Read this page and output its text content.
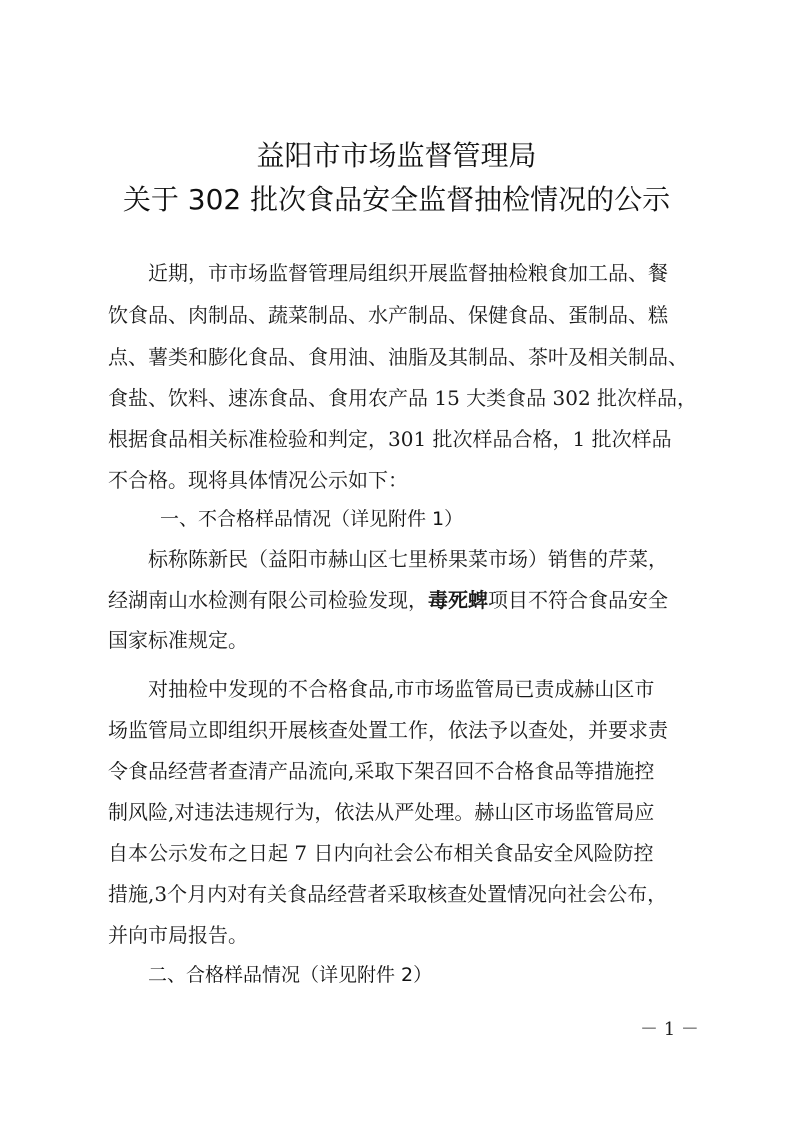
益阳市市场监督管理局
关于 302 批次食品安全监督抽检情况的公示
近期，市市场监督管理局组织开展监督抽检粮食加工品、餐
饮食品、肉制品、蔬菜制品、水产制品、保健食品、蛋制品、糕
点、薯类和膨化食品、食用油、油脂及其制品、茶叶及相关制品、
食盐、饮料、速冻食品、食用农产品 15 大类食品 302 批次样品，
根据食品相关标准检验和判定，301 批次样品合格，1 批次样品
不合格。现将具体情况公示如下：
一、不合格样品情况（详见附件 1）
标称陈新民（益阳市赫山区七里桥果菜市场）销售的芹菜，
经湖南山水检测有限公司检验发现，毒死蜱项目不符合食品安全
国家标准规定。
对抽检中发现的不合格食品,市市场监管局已责成赫山区市
场监管局立即组织开展核查处置工作，依法予以查处，并要求责
令食品经营者查清产品流向,采取下架召回不合格食品等措施控
制风险,对违法违规行为，依法从严处理。赫山区市场监管局应
自本公示发布之日起 7 日内向社会公布相关食品安全风险防控
措施,3个月内对有关食品经营者采取核查处置情况向社会公布，
并向市局报告。
二、合格样品情况（详见附件 2）
－ 1 －
